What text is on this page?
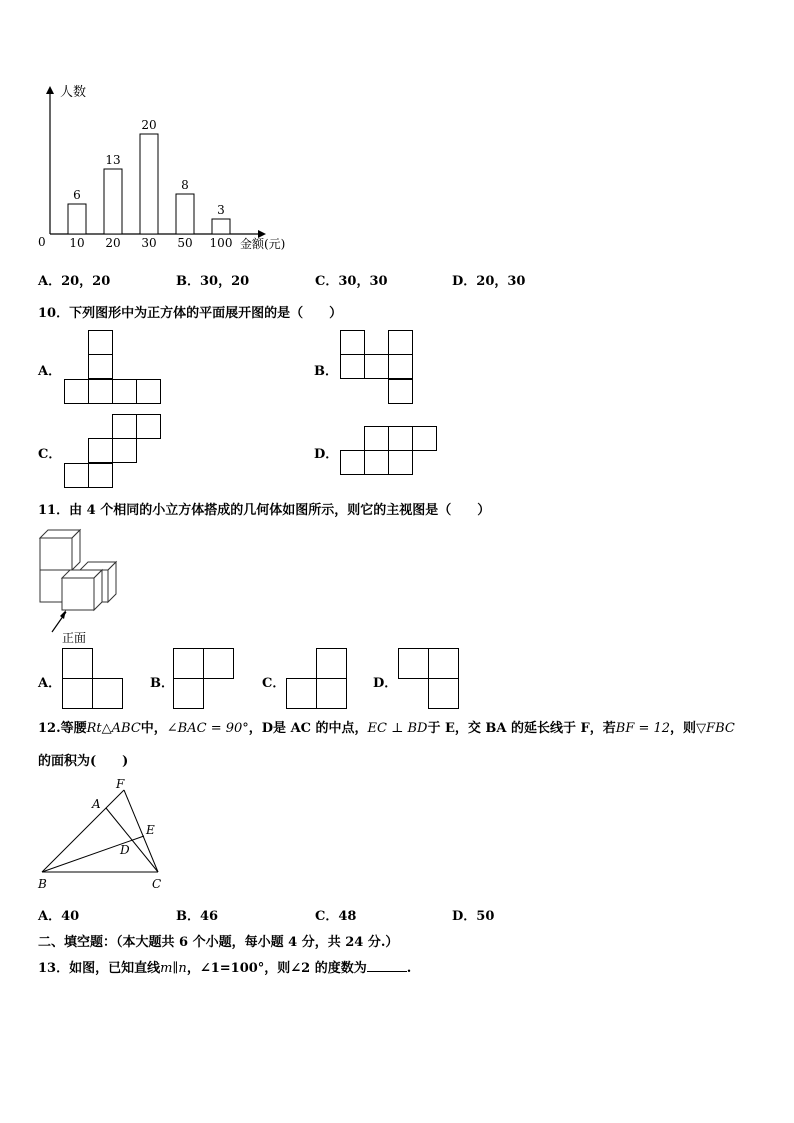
人数
0	金额(元)
6
10
13
20
20
30
8
50
3
100
A．20，20	B．30，20	C．30，30	D．20，30
10．下列图形中为正方体的平面展开图的是（　　）
A．	B．
C．	D．
11．由 4 个相同的小立方体搭成的几何体如图所示，则它的主视图是（　　）
正面
A．	B．	C．	D．
12.等腰Rt△ABC中，∠BAC = 90°，D是 AC 的中点，EC ⊥ BD于 E，交 BA 的延长线于 F，若BF = 12，则▽FBC
的面积为(　　)
F
A
E
D
B	C
A．40	B．46	C．48	D．50
二、填空题：（本大题共 6 个小题，每小题 4 分，共 24 分.）
13．如图，已知直线m∥n，∠1=100°，则∠2 的度数为	.
